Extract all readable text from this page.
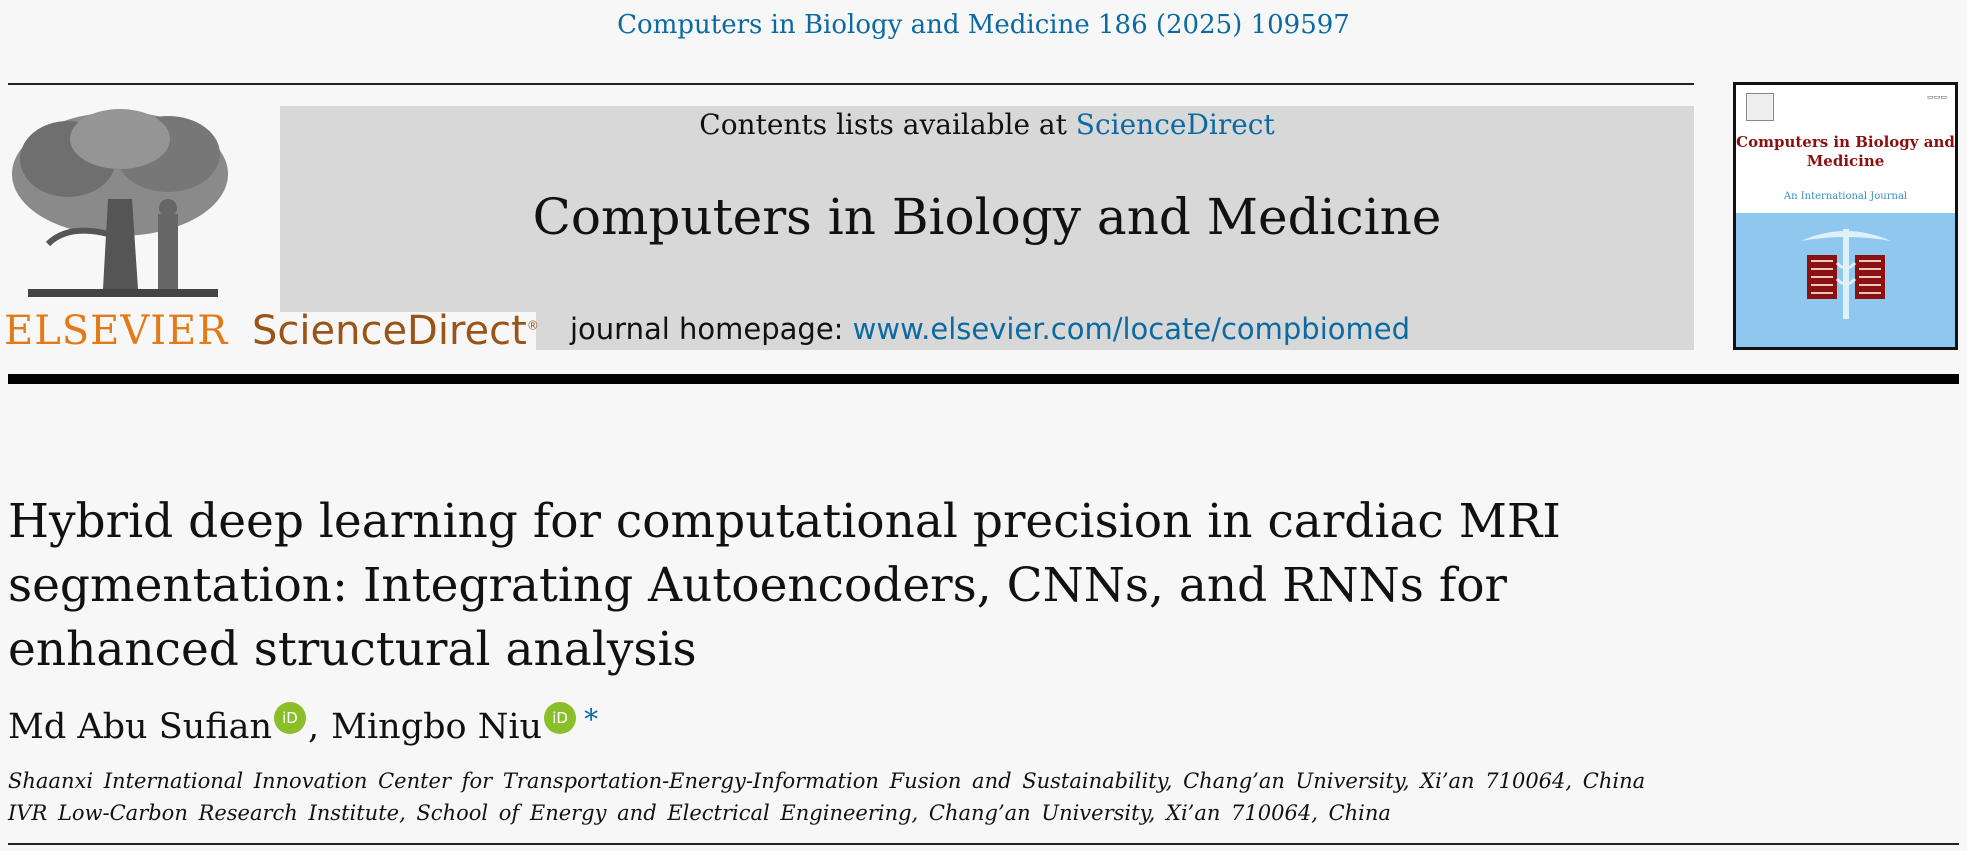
Computers in Biology and Medicine 186 (2025) 109597
ELSEVIER ScienceDirect®
Contents lists available at ScienceDirect
Computers in Biology and Medicine
journal homepage: www.elsevier.com/locate/compbiomed
▭▭▭
Computers in Biology and Medicine
An International Journal
Hybrid deep learning for computational precision in cardiac MRI segmentation: Integrating Autoencoders, CNNs, and RNNs for enhanced structural analysis
Md Abu Sufian iD , Mingbo Niu iD *
Shaanxi International Innovation Center for Transportation-Energy-Information Fusion and Sustainability, Chang’an University, Xi’an 710064, China
IVR Low-Carbon Research Institute, School of Energy and Electrical Engineering, Chang’an University, Xi’an 710064, China
